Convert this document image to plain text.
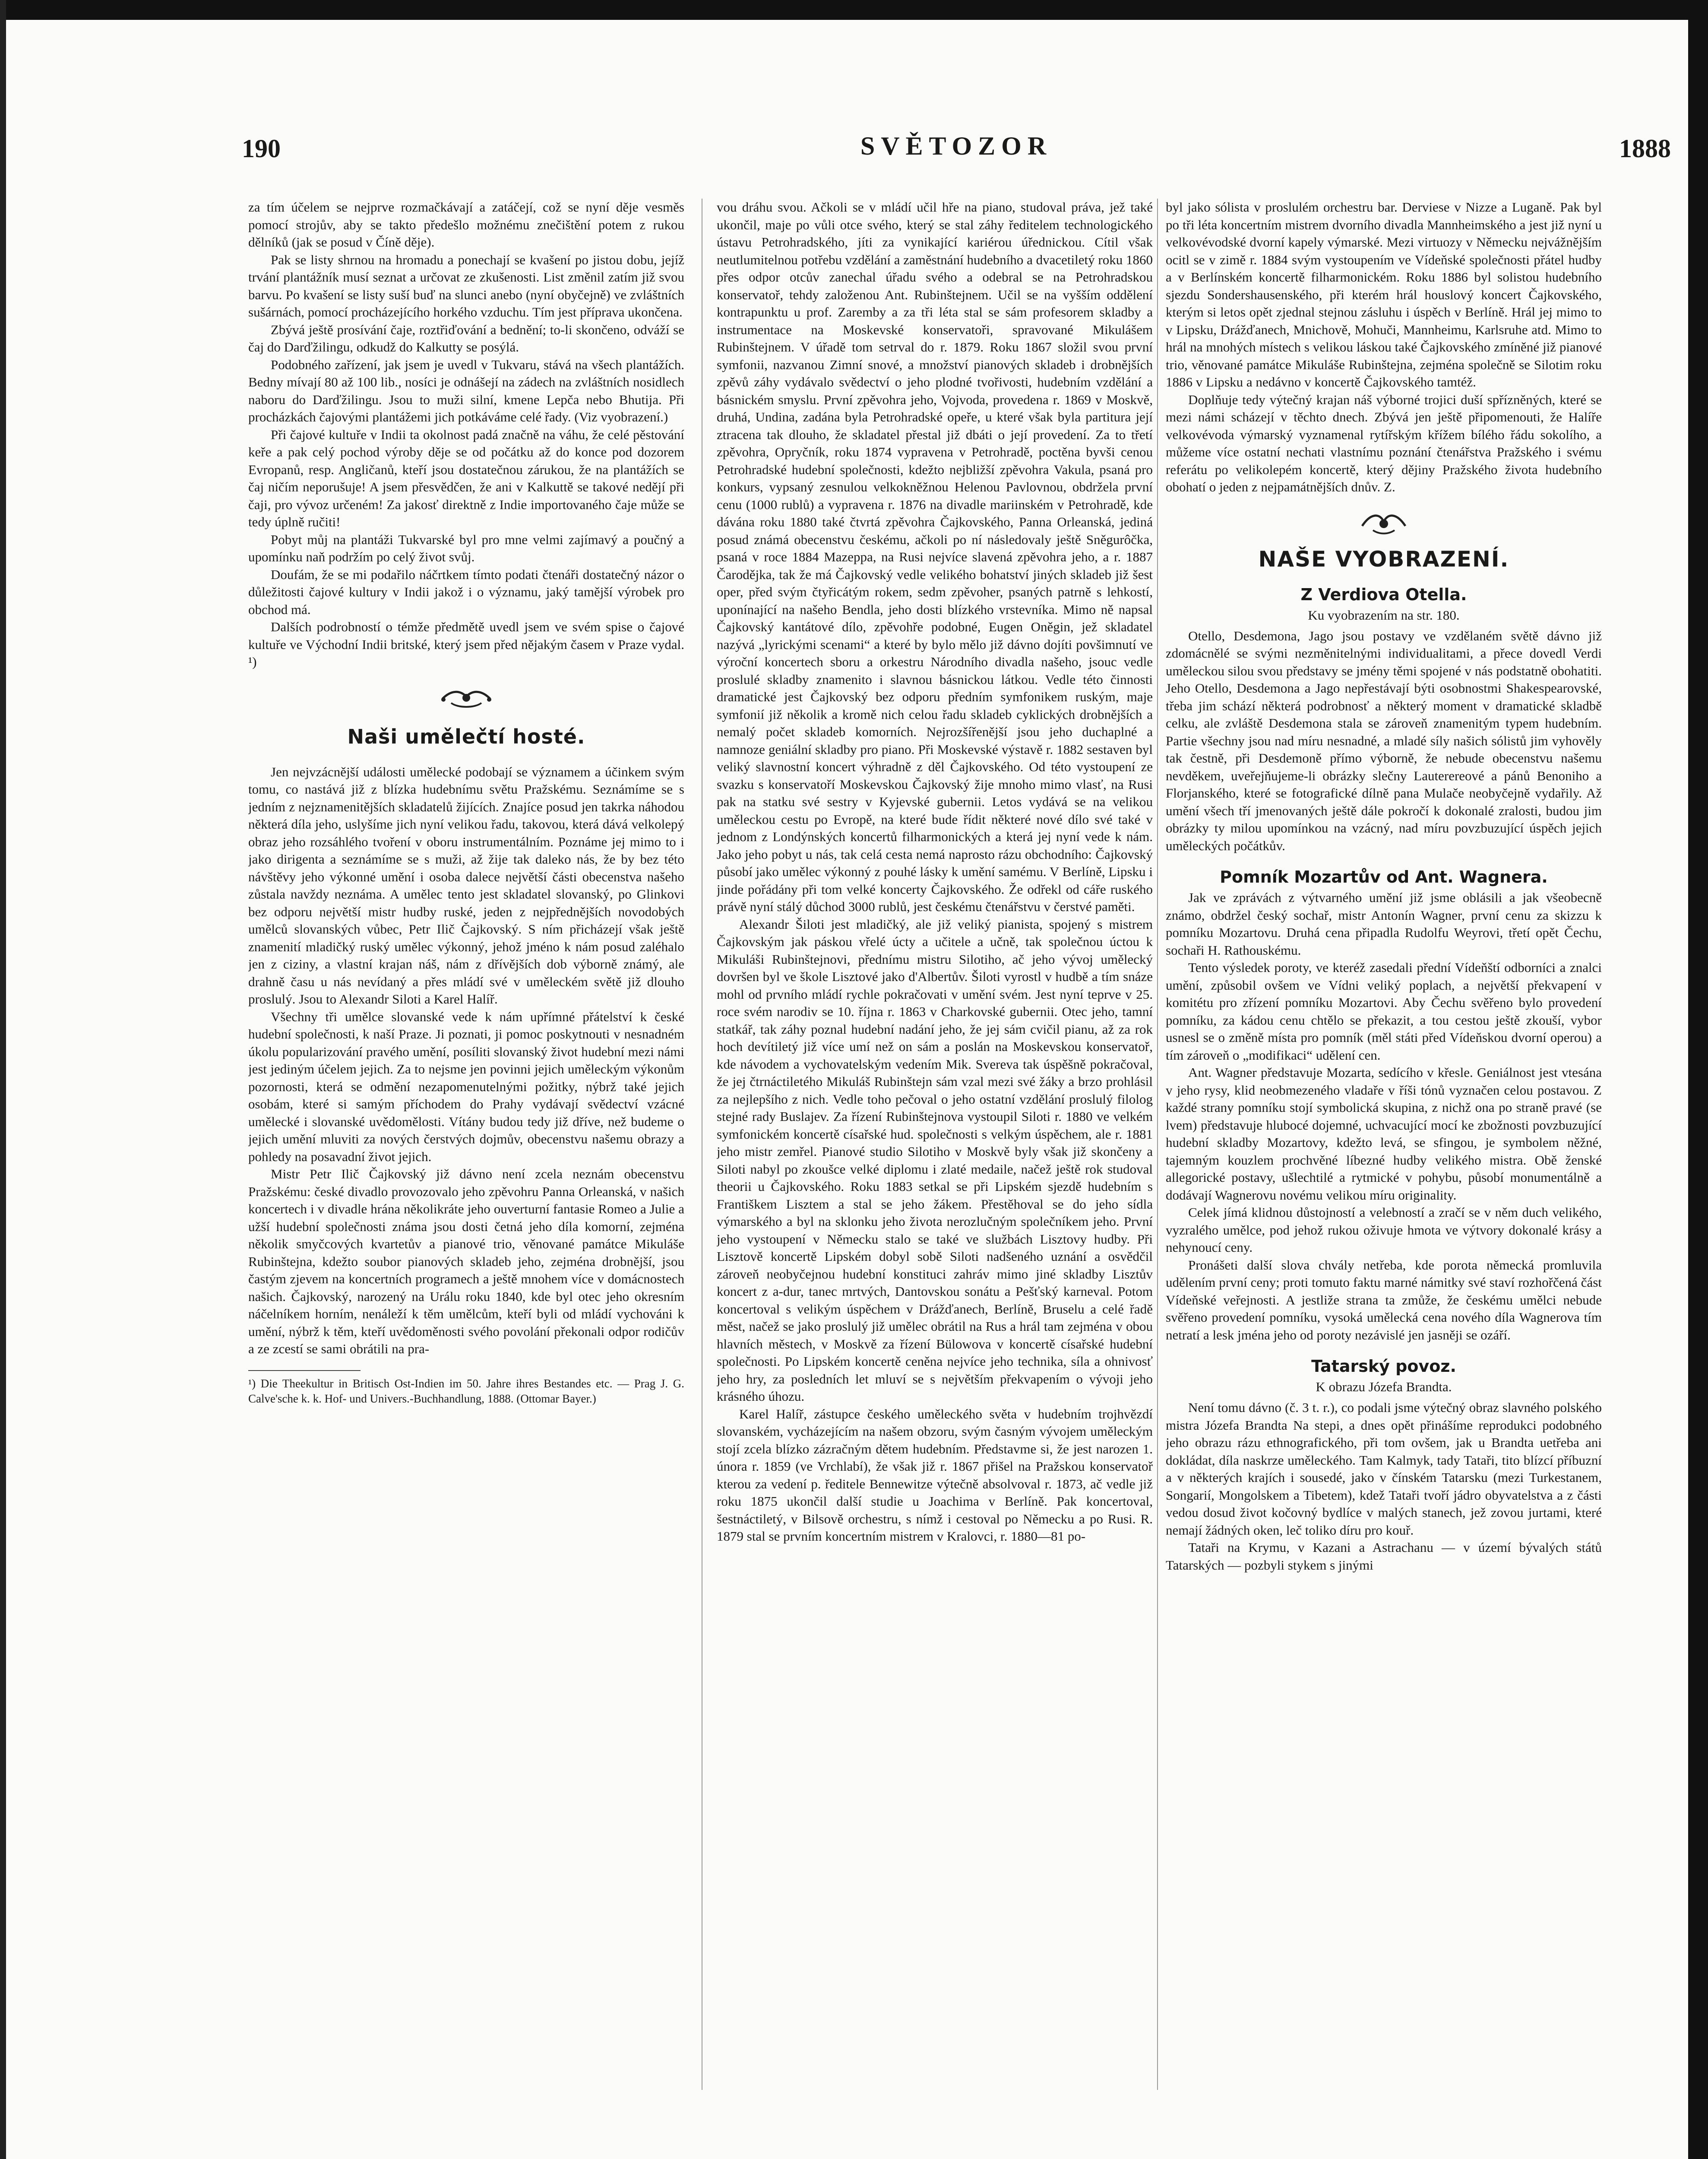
190	SVĚTOZOR	1888

za tím účelem se nejprve rozmačkávají a zatáčejí, což se nyní děje vesměs pomocí strojův, aby se takto předešlo možnému znečištění potem z rukou dělníků (jak se posud v Číně děje).

Pak se listy shrnou na hromadu a ponechají se kvašení po jistou dobu, jejíž trvání plantážník musí seznat a určovat ze zkušenosti. List změnil zatím již svou barvu. Po kvašení se listy suší buď na slunci anebo (nyní obyčejně) ve zvláštních sušárnách, pomocí procházejícího horkého vzduchu. Tím jest příprava ukončena.

Zbývá ještě prosívání čaje, roztřiďování a bednění; to-li skončeno, odváží se čaj do Darďžilingu, odkudž do Kalkutty se posýlá.

Podobného zařízení, jak jsem je uvedl v Tukvaru, stává na všech plantážích. Bedny mívají 80 až 100 lib., nosíci je odnášejí na zádech na zvláštních nosidlech naboru do Darďžilingu. Jsou to muži silní, kmene Lepča nebo Bhutija. Při procházkách čajovými plantážemi jich potkáváme celé řady. (Viz vyobrazení.)

Při čajové kultuře v Indii ta okolnost padá značně na váhu, že celé pěstování keře a pak celý pochod výroby děje se od počátku až do konce pod dozorem Evropanů, resp. Angličanů, kteří jsou dostatečnou zárukou, že na plantážích se čaj ničím neporušuje! A jsem přesvědčen, že ani v Kalkuttě se takové nedějí při čaji, pro vývoz určeném! Za jakosť direktně z Indie importovaného čaje může se tedy úplně ručiti!

Pobyt můj na plantáži Tukvarské byl pro mne velmi zajímavý a poučný a upomínku naň podržím po celý život svůj.

Doufám, že se mi podařilo náčrtkem tímto podati čtenáři dostatečný názor o důležitosti čajové kultury v Indii jakož i o významu, jaký tamější výrobek pro obchod má.

Dalších podrobností o témže předmětě uvedl jsem ve svém spise o čajové kultuře ve Východní Indii britské, který jsem před nějakým časem v Praze vydal. ¹)

Naši umělečtí hosté.

Jen nejvzácnější události umělecké podobají se významem a účinkem svým tomu, co nastává již z blízka hudebnímu světu Pražskému. Seznámíme se s jedním z nejznamenitějších skladatelů žijících. Znajíce posud jen takrka náhodou některá díla jeho, uslyšíme jich nyní velikou řadu, takovou, která dává velkolepý obraz jeho rozsáhlého tvoření v oboru instrumentálním. Poznáme jej mimo to i jako dirigenta a seznámíme se s muži, až žije tak daleko nás, že by bez této návštěvy jeho výkonné umění i osoba dalece největší části obecenstva našeho zůstala navždy neznáma. A umělec tento jest skladatel slovanský, po Glinkovi bez odporu největší mistr hudby ruské, jeden z nejpřednějších novodobých umělců slovanských vůbec, Petr Ilič Čajkovský. S ním přicházejí však ještě znamenití mladičký ruský umělec výkonný, jehož jméno k nám posud zaléhalo jen z ciziny, a vlastní krajan náš, nám z dřívějších dob výborně známý, ale drahně času u nás nevídaný a přes mládí své v uměleckém světě již dlouho proslulý. Jsou to Alexandr Siloti a Karel Halíř.

Všechny tři umělce slovanské vede k nám upřímné přátelství k české hudební společnosti, k naší Praze. Ji poznati, ji pomoc poskytnouti v nesnadném úkolu popularizování pravého umění, posíliti slovanský život hudební mezi námi jest jediným účelem jejich. Za to nejsme jen povinni jejich uměleckým výkonům pozornosti, která se odmění nezapomenutelnými požitky, nýbrž také jejich osobám, které si samým příchodem do Prahy vydávají svědectví vzácné umělecké i slovanské uvědomělosti. Vítány budou tedy již dříve, než budeme o jejich umění mluviti za nových čerstvých dojmův, obecenstvu našemu obrazy a pohledy na posavadní život jejich.

Mistr Petr Ilič Čajkovský již dávno není zcela neznám obecenstvu Pražskému: české divadlo provozovalo jeho zpěvohru Panna Orleanská, v našich koncertech i v divadle hrána několikráte jeho ouverturní fantasie Romeo a Julie a užší hudební společnosti známa jsou dosti četná jeho díla komorní, zejména několik smyčcových kvartetův a pianové trio, věnované památce Mikuláše Rubinštejna, kdežto soubor pianových skladeb jeho, zejména drobnější, jsou častým zjevem na koncertních programech a ještě mnohem více v domácnostech našich. Čajkovský, narozený na Urálu roku 1840, kde byl otec jeho okresním náčelníkem horním, nenáleží k těm umělcům, kteří byli od mládí vychováni k umění, nýbrž k těm, kteří uvědoměnosti svého povolání překonali odpor rodičův a ze zcestí se sami obrátili na pra-

¹) Die Theekultur in Britisch Ost-Indien im 50. Jahre ihres Bestandes etc. — Prag J. G. Calve'sche k. k. Hof- und Univers.-Buchhandlung, 1888. (Ottomar Bayer.)

vou dráhu svou. Ačkoli se v mládí učil hře na piano, studoval práva, jež také ukončil, maje po vůli otce svého, který se stal záhy ředitelem technologického ústavu Petrohradského, jíti za vynikající kariérou úřednickou. Cítil však neutlumitelnou potřebu vzdělání a zaměstnání hudebního a dvacetiletý roku 1860 přes odpor otcův zanechal úřadu svého a odebral se na Petrohradskou konservatoř, tehdy založenou Ant. Rubinštejnem. Učil se na vyšším oddělení kontrapunktu u prof. Zaremby a za tři léta stal se sám profesorem skladby a instrumentace na Moskevské konservatoři, spravované Mikulášem Rubinštejnem. V úřadě tom setrval do r. 1879. Roku 1867 složil svou první symfonii, nazvanou Zimní snové, a množství pianových skladeb i drobnějších zpěvů záhy vydávalo svědectví o jeho plodné tvořivosti, hudebním vzdělání a básnickém smyslu. První zpěvohra jeho, Vojvoda, provedena r. 1869 v Moskvě, druhá, Undina, zadána byla Petrohradské opeře, u které však byla partitura její ztracena tak dlouho, že skladatel přestal již dbáti o její provedení. Za to třetí zpěvohra, Opryčník, roku 1874 vypravena v Petrohradě, poctěna byvši cenou Petrohradské hudební společnosti, kdežto nejbližší zpěvohra Vakula, psaná pro konkurs, vypsaný zesnulou velkokněžnou Helenou Pavlovnou, obdržela první cenu (1000 rublů) a vypravena r. 1876 na divadle mariinském v Petrohradě, kde dávána roku 1880 také čtvrtá zpěvohra Čajkovského, Panna Orleanská, jediná posud známá obecenstvu českému, ačkoli po ní následovaly ještě Sněgurôčka, psaná v roce 1884 Mazeppa, na Rusi nejvíce slavená zpěvohra jeho, a r. 1887 Čarodějka, tak že má Čajkovský vedle velikého bohatství jiných skladeb již šest oper, před svým čtyřicátým rokem, sedm zpěvoher, psaných patrně s lehkostí, uponínající na našeho Bendla, jeho dosti blízkého vrstevníka. Mimo ně napsal Čajkovský kantátové dílo, zpěvohře podobné, Eugen Oněgin, jež skladatel nazývá „lyrickými scenami“ a které by bylo mělo již dávno dojíti povšimnutí ve výroční koncertech sboru a orkestru Národního divadla našeho, jsouc vedle proslulé skladby znamenito i slavnou básnickou látkou. Vedle této činnosti dramatické jest Čajkovský bez odporu předním symfonikem ruským, maje symfonií již několik a kromě nich celou řadu skladeb cyklických drobnějších a nemalý počet skladeb komorních. Nejrozšířenější jsou jeho duchaplné a namnoze geniální skladby pro piano. Při Moskevské výstavě r. 1882 sestaven byl veliký slavnostní koncert výhradně z děl Čajkovského. Od této vystoupení ze svazku s konservatoří Moskevskou Čajkovský žije mnoho mimo vlasť, na Rusi pak na statku své sestry v Kyjevské gubernii. Letos vydává se na velikou uměleckou cestu po Evropě, na které bude řídit některé nové dílo své také v jednom z Londýnských koncertů filharmonických a která jej nyní vede k nám. Jako jeho pobyt u nás, tak celá cesta nemá naprosto rázu obchodního: Čajkovský působí jako umělec výkonný z pouhé lásky k umění samému. V Berlíně, Lipsku i jinde pořádány při tom velké koncerty Čajkovského. Že odřekl od cáře ruského právě nyní stálý důchod 3000 rublů, jest českému čtenářstvu v čerstvé paměti.

Alexandr Šiloti jest mladičký, ale již veliký pianista, spojený s mistrem Čajkovským jak páskou vřelé úcty a učitele a učně, tak společnou úctou k Mikuláši Rubinštejnovi, přednímu mistru Silotiho, ač jeho vývoj umělecký dovršen byl ve škole Lisztové jako d'Albertův. Šiloti vyrostl v hudbě a tím snáze mohl od prvního mládí rychle pokračovati v umění svém. Jest nyní teprve v 25. roce svém narodiv se 10. října r. 1863 v Charkovské gubernii. Otec jeho, tamní statkář, tak záhy poznal hudební nadání jeho, že jej sám cvičil pianu, až za rok hoch devítiletý již více umí než on sám a poslán na Moskevskou konservatoř, kde návodem a vychovatelským vedením Mik. Svereva tak úspěšně pokračoval, že jej čtrnáctiletého Mikuláš Rubinštejn sám vzal mezi své žáky a brzo prohlásil za nejlepšího z nich. Vedle toho pečoval o jeho ostatní vzdělání proslulý filolog stejné rady Buslajev. Za řízení Rubinštejnova vystoupil Siloti r. 1880 ve velkém symfonickém koncertě císařské hud. společnosti s velkým úspěchem, ale r. 1881 jeho mistr zemřel. Pianové studio Silotiho v Moskvě byly však již skončeny a Siloti nabyl po zkoušce velké diplomu i zlaté medaile, načež ještě rok studoval theorii u Čajkovského. Roku 1883 setkal se při Lipském sjezdě hudebním s Františkem Lisztem a stal se jeho žákem. Přestěhoval se do jeho sídla výmarského a byl na sklonku jeho života nerozlučným společníkem jeho. První jeho vystoupení v Německu stalo se také ve službách Lisztovy hudby. Při Lisztově koncertě Lipském dobyl sobě Siloti nadšeného uznání a osvědčil zároveň neobyčejnou hudební konstituci zahráv mimo jiné skladby Lisztův koncert z a-dur, tanec mrtvých, Dantovskou sonátu a Pešťský karneval. Potom koncertoval s velikým úspěchem v Drážďanech, Berlíně, Bruselu a celé řadě měst, načež se jako proslulý již umělec obrátil na Rus a hrál tam zejména v obou hlavních městech, v Moskvě za řízení Bülowova v koncertě císařské hudební společnosti. Po Lipském koncertě ceněna nejvíce jeho technika, síla a ohnivosť jeho hry, za posledních let mluví se s největším překvapením o vývoji jeho krásného úhozu.

Karel Halíř, zástupce českého uměleckého světa v hudebním trojhvězdí slovanském, vycházejícím na našem obzoru, svým časným vývojem uměleckým stojí zcela blízko zázračným dětem hudebním. Představme si, že jest narozen 1. února r. 1859 (ve Vrchlabí), že však již r. 1867 přišel na Pražskou konservatoř kterou za vedení p. ředitele Bennewitze výtečně absolvoval r. 1873, ač vedle již roku 1875 ukončil další studie u Joachima v Berlíně. Pak koncertoval, šestnáctiletý, v Bilsově orchestru, s nímž i cestoval po Německu a po Rusi. R. 1879 stal se prvním koncertním mistrem v Kralovci, r. 1880—81 po-

byl jako sólista v proslulém orchestru bar. Derviese v Nizze a Luganě. Pak byl po tři léta koncertním mistrem dvorního divadla Mannheimského a jest již nyní u velkovévodské dvorní kapely výmarské. Mezi virtuozy v Německu nejvážnějším ocitl se v zimě r. 1884 svým vystoupením ve Vídeňské společnosti přátel hudby a v Berlínském koncertě filharmonickém. Roku 1886 byl solistou hudebního sjezdu Sondershausenského, při kterém hrál houslový koncert Čajkovského, kterým si letos opět zjednal stejnou zásluhu i úspěch v Berlíně. Hrál jej mimo to v Lipsku, Drážďanech, Mnichově, Mohuči, Mannheimu, Karlsruhe atd. Mimo to hrál na mnohých místech s velikou láskou také Čajkovského zmíněné již pianové trio, věnované památce Mikuláše Rubinštejna, zejména společně se Silotim roku 1886 v Lipsku a nedávno v koncertě Čajkovského tamtéž.

Doplňuje tedy výtečný krajan náš výborné trojici duší spřízněných, které se mezi námi scházejí v těchto dnech. Zbývá jen ještě připomenouti, že Halíře velkovévoda výmarský vyznamenal rytířským křížem bílého řádu sokolího, a můžeme více ostatní nechati vlastnímu poznání čtenářstva Pražského i svému referátu po velikolepém koncertě, který dějiny Pražského života hudebního obohatí o jeden z nejpamátnějších dnův. Z.

NAŠE VYOBRAZENÍ.
Z Verdiova Otella.
Ku vyobrazením na str. 180.

Otello, Desdemona, Jago jsou postavy ve vzdělaném světě dávno již zdomácnělé se svými nezměnitelnými individualitami, a přece dovedl Verdi uměleckou silou svou představy se jmény těmi spojené v nás podstatně obohatiti. Jeho Otello, Desdemona a Jago nepřestávají býti osobnostmi Shakespearovské, třeba jim schází některá podrobnosť a některý moment v dramatické skladbě celku, ale zvláště Desdemona stala se zároveň znamenitým typem hudebním. Partie všechny jsou nad míru nesnadné, a mladé síly našich sólistů jim vyhověly tak čestně, při Desdemoně přímo výborně, že nebude obecenstvu našemu nevděkem, uveřejňujeme-li obrázky slečny Lauterereové a pánů Benoniho a Florjanského, které se fotografické dílně pana Mulače neobyčejně vydařily. Až umění všech tří jmenovaných ještě dále pokročí k dokonalé zralosti, budou jim obrázky ty milou upomínkou na vzácný, nad míru povzbuzující úspěch jejich uměleckých počátkův.

Pomník Mozartův od Ant. Wagnera.

Jak ve zprávách z výtvarného umění již jsme oblásili a jak všeobecně známo, obdržel český sochař, mistr Antonín Wagner, první cenu za skizzu k pomníku Mozartovu. Druhá cena připadla Rudolfu Weyrovi, třetí opět Čechu, sochaři H. Rathouskému.

Tento výsledek poroty, ve kteréž zasedali přední Vídeňští odborníci a znalci umění, způsobil ovšem ve Vídni veliký poplach, a největší překvapení v komitétu pro zřízení pomníku Mozartovi. Aby Čechu svěřeno bylo provedení pomníku, za kádou cenu chtělo se překazit, a tou cestou ještě zkouší, vybor usnesl se o změně místa pro pomník (měl státi před Vídeňskou dvorní operou) a tím zároveň o „modifikaci“ udělení cen.

Ant. Wagner představuje Mozarta, sedícího v křesle. Geniálnost jest vtesána v jeho rysy, klid neobmezeného vladaře v říši tónů vyznačen celou postavou. Z každé strany pomníku stojí symbolická skupina, z nichž ona po straně pravé (se lvem) představuje hlubocé dojemné, uchvacující mocí ke zbožnosti povzbuzující hudební skladby Mozartovy, kdežto levá, se sfingou, je symbolem něžné, tajemným kouzlem prochvěné líbezné hudby velikého mistra. Obě ženské allegorické postavy, ušlechtilé a rytmické v pohybu, působí monumentálně a dodávají Wagnerovu novému velikou míru originality.

Celek jímá klidnou důstojností a velebností a zračí se v něm duch velikého, vyzralého umělce, pod jehož rukou oživuje hmota ve výtvory dokonalé krásy a nehynoucí ceny.

Pronášeti další slova chvály netřeba, kde porota německá promluvila udělením první ceny; proti tomuto faktu marné námitky své staví rozhořčená část Vídeňské veřejnosti. A jestliže strana ta zmůže, že českému umělci nebude svěřeno provedení pomníku, vysoká umělecká cena nového díla Wagnerova tím netratí a lesk jména jeho od poroty nezávislé jen jasněji se ozáří.

Tatarský povoz.
K obrazu Józefa Brandta.

Není tomu dávno (č. 3 t. r.), co podali jsme výtečný obraz slavného polského mistra Józefa Brandta Na stepi, a dnes opět přinášíme reprodukci podobného jeho obrazu rázu ethnografického, při tom ovšem, jak u Brandta uetřeba ani dokládat, díla naskrze uměleckého. Tam Kalmyk, tady Tataři, tito blízcí příbuzní a v některých krajích i sousedé, jako v čínském Tatarsku (mezi Turkestanem, Songarií, Mongolskem a Tibetem), kdež Tataři tvoří jádro obyvatelstva a z části vedou dosud život kočovný bydlíce v malých stanech, jež zovou jurtami, které nemají žádných oken, leč toliko díru pro kouř.

Tataři na Krymu, v Kazani a Astrachanu — v území bývalých států Tatarských — pozbyli stykem s jinými
